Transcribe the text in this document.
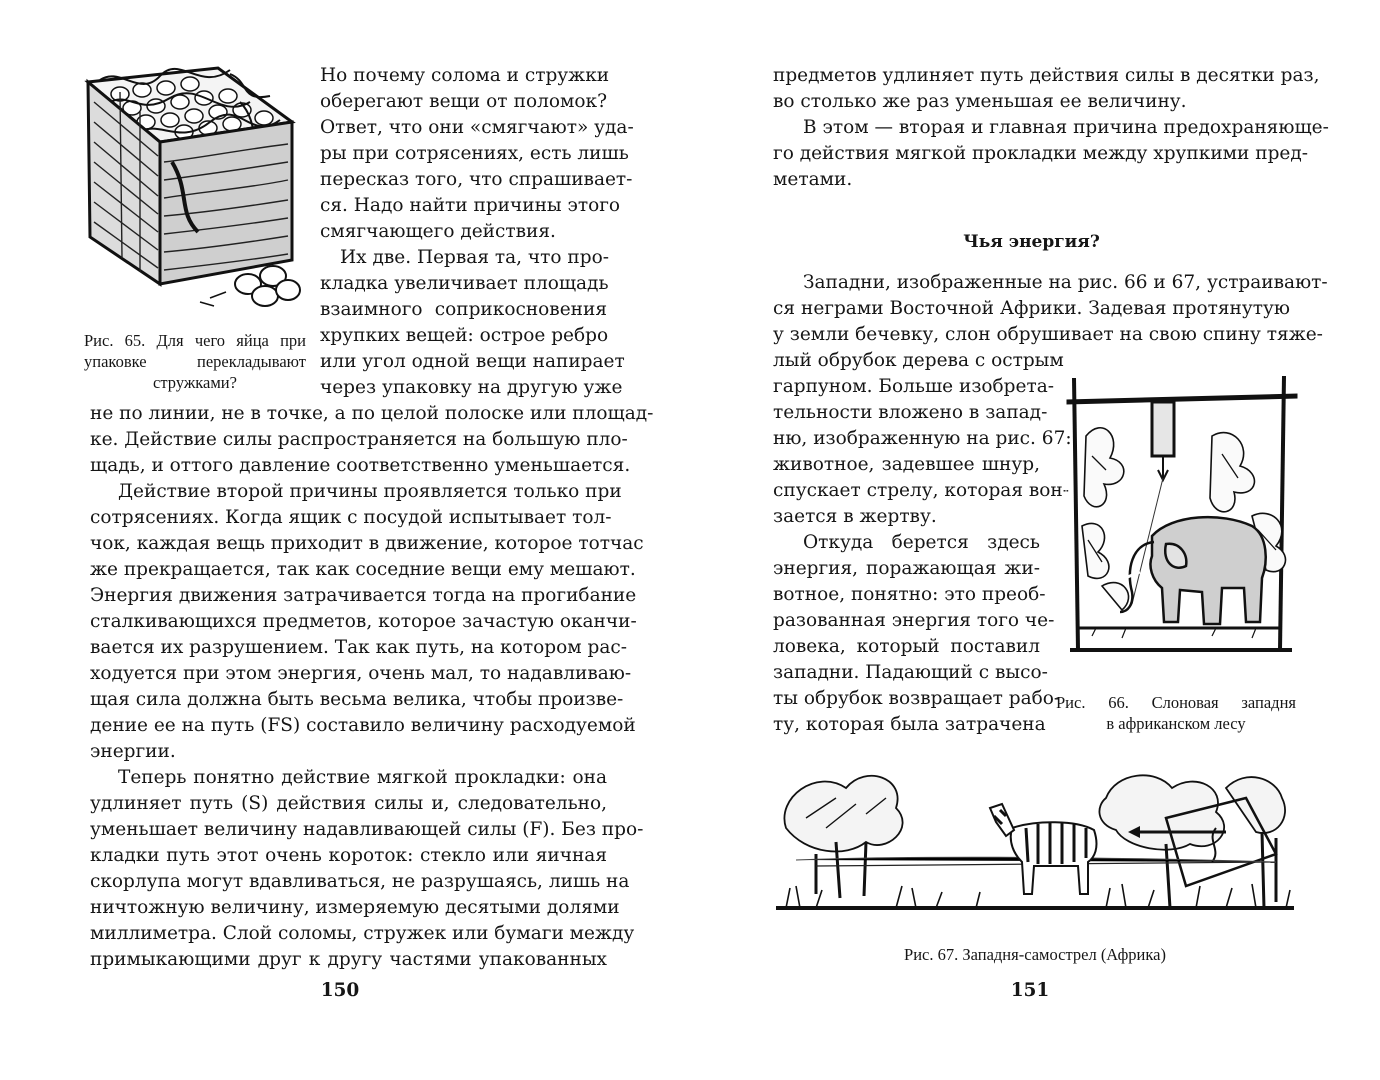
Рис. 65. Для чего яйца при
упаковке перекладывают
стружками?
Но почему солома и стружки
оберегают вещи от поломок?
Ответ, что они «смягчают» уда-
ры при сотрясениях, есть лишь
пересказ того, что спрашивает-
ся. Надо найти причины этого
смягчающего действия.
Их две. Первая та, что про-
кладка увеличивает площадь
взаимного соприкосновения
хрупких вещей: острое ребро
или угол одной вещи напирает
через упаковку на другую уже
не по линии, не в точке, а по целой полоске или площад-
ке. Действие силы распространяется на большую пло-
щадь, и оттого давление соответственно уменьшается.
Действие второй причины проявляется только при
сотрясениях. Когда ящик с посудой испытывает тол-
чок, каждая вещь приходит в движение, которое тотчас
же прекращается, так как соседние вещи ему мешают.
Энергия движения затрачивается тогда на прогибание
сталкивающихся предметов, которое зачастую оканчи-
вается их разрушением. Так как путь, на котором рас-
ходуется при этом энергия, очень мал, то надавливаю-
щая сила должна быть весьма велика, чтобы произве-
дение ее на путь (FS) составило величину расходуемой
энергии.
Теперь понятно действие мягкой прокладки: она
удлиняет путь (S) действия силы и, следовательно,
уменьшает величину надавливающей силы (F). Без про-
кладки путь этот очень короток: стекло или яичная
скорлупа могут вдавливаться, не разрушаясь, лишь на
ничтожную величину, измеряемую десятыми долями
миллиметра. Слой соломы, стружек или бумаги между
примыкающими друг к другу частями упакованных
150
предметов удлиняет путь действия силы в десятки раз,
во столько же раз уменьшая ее величину.
В этом — вторая и главная причина предохраняюще-
го действия мягкой прокладки между хрупкими пред-
метами.
Чья энергия?
Западни, изображенные на рис. 66 и 67, устраивают-
ся неграми Восточной Африки. Задевая протянутую
у земли бечевку, слон обрушивает на свою спину тяже-
лый обрубок дерева с острым
гарпуном. Больше изобрета-
тельности вложено в запад-
ню, изображенную на рис. 67:
животное, задевшее шнур,
спускает стрелу, которая вон-
зается в жертву.
Откуда берется здесь
энергия, поражающая жи-
вотное, понятно: это преоб-
разованная энергия того че-
ловека, который поставил
западни. Падающий с высо-
ты обрубок возвращает рабо-
ту, которая была затрачена
Рис. 66. Слоновая западня
в африканском лесу
Рис. 67. Западня-самострел (Африка)
151
